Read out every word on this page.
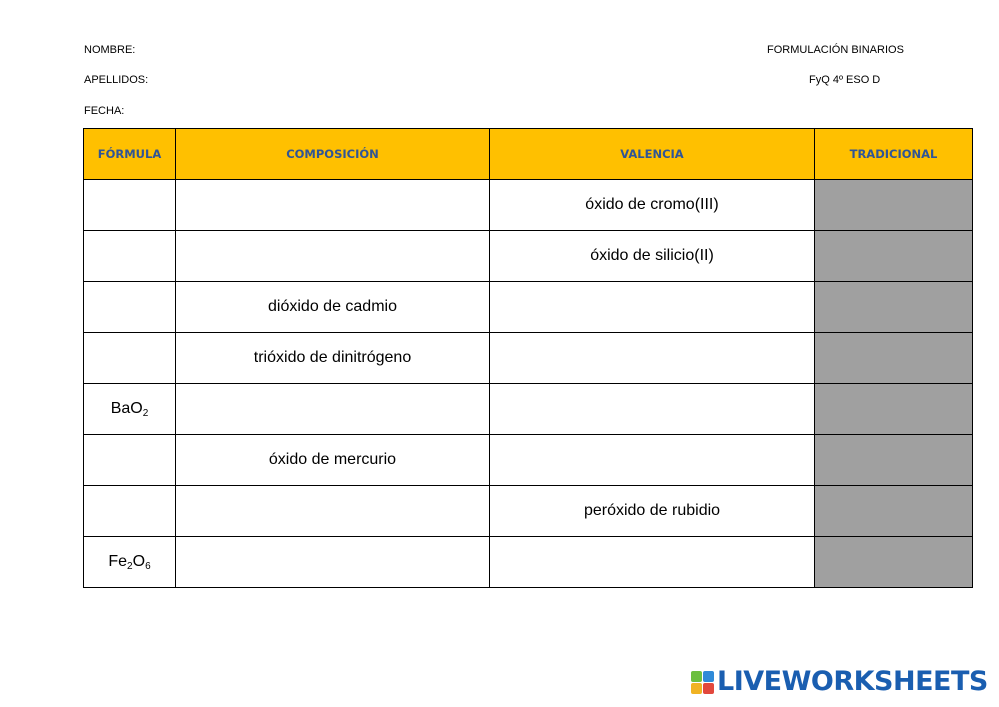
NOMBRE:
APELLIDOS:
FECHA:
FORMULACIÓN BINARIOS
FyQ 4º ESO D
FÓRMULA	COMPOSICIÓN	VALENCIA	TRADICIONAL
		óxido de cromo(III)	
		óxido de silicio(II)	
	dióxido de cadmio		
	trióxido de dinitrógeno		
BaO$_2$			
	óxido de mercurio		
		peróxido de rubidio	
$Fe_2O_6$			
LIVEWORKSHEETS
